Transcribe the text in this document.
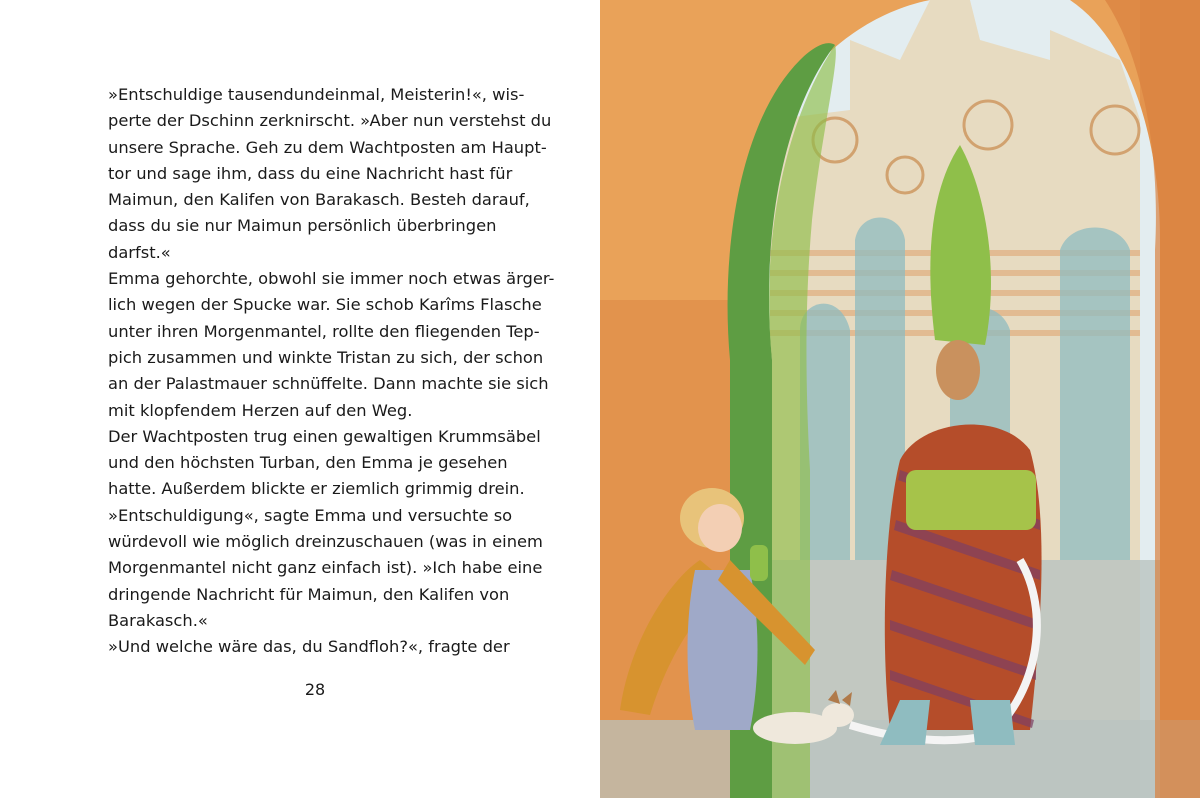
»Entschuldige tausendundeinmal, Meisterin!«, wis-
perte der Dschinn zerknirscht. »Aber nun verstehst du
unsere Sprache. Geh zu dem Wachtposten am Haupt-
tor und sage ihm, dass du eine Nachricht hast für
Maimun, den Kalifen von Barakasch. Besteh darauf,
dass du sie nur Maimun persönlich überbringen
darfst.«
Emma gehorchte, obwohl sie immer noch etwas ärger-
lich wegen der Spucke war. Sie schob Karîms Flasche
unter ihren Morgenmantel, rollte den fliegenden Tep-
pich zusammen und winkte Tristan zu sich, der schon
an der Palastmauer schnüffelte. Dann machte sie sich
mit klopfendem Herzen auf den Weg.
Der Wachtposten trug einen gewaltigen Krummsäbel
und den höchsten Turban, den Emma je gesehen
hatte. Außerdem blickte er ziemlich grimmig drein.
»Entschuldigung«, sagte Emma und versuchte so
würdevoll wie möglich dreinzuschauen (was in einem
Morgenmantel nicht ganz einfach ist). »Ich habe eine
dringende Nachricht für Maimun, den Kalifen von
Barakasch.«
»Und welche wäre das, du Sandfloh?«, fragte der
28
